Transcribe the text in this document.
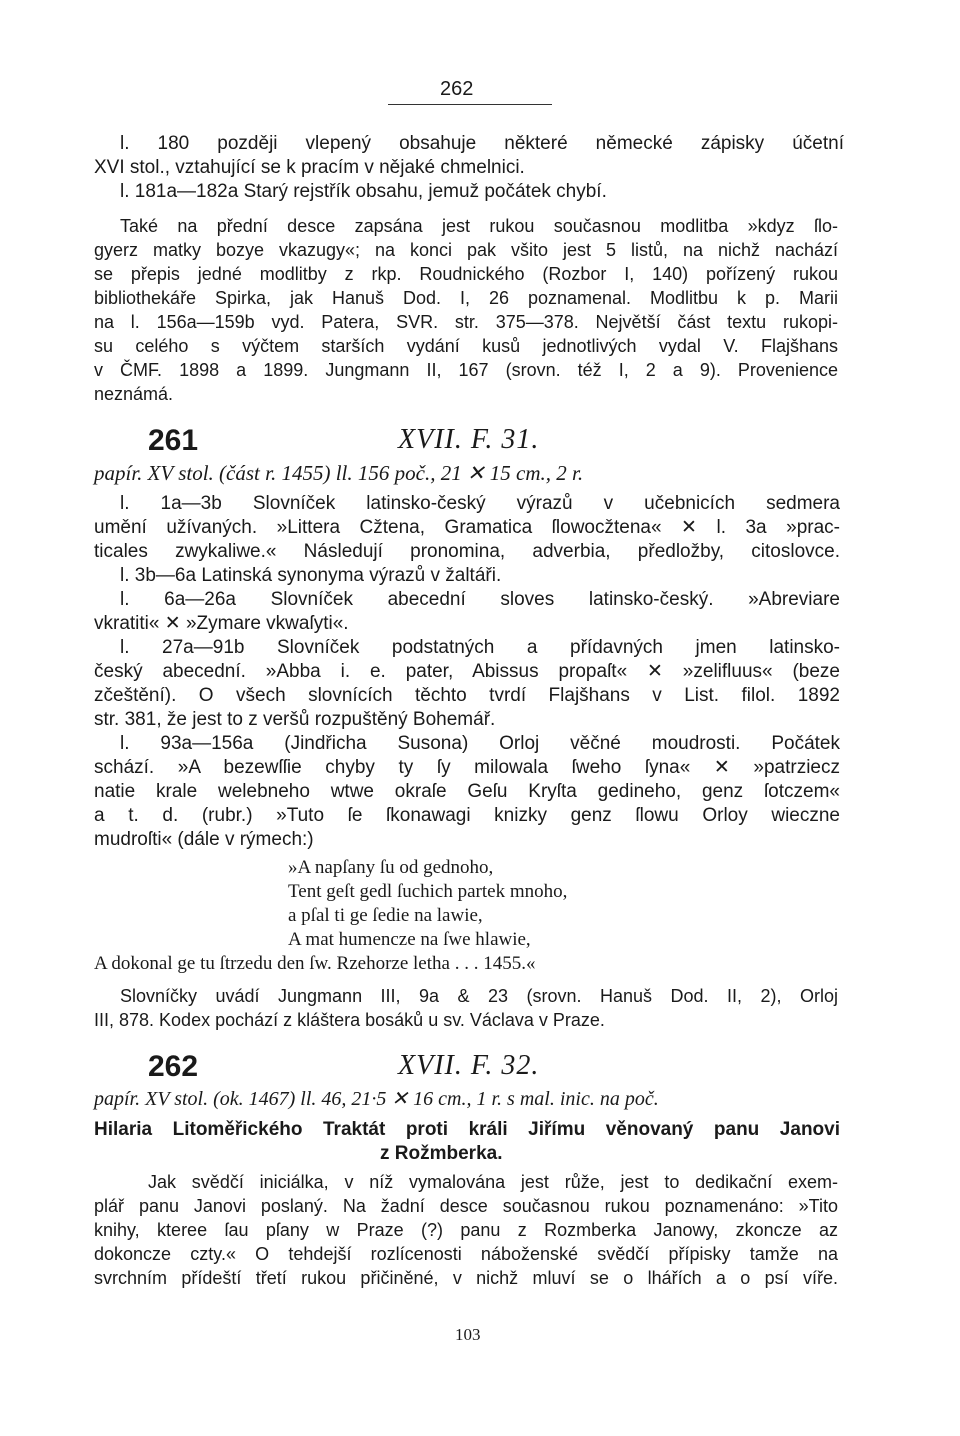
262
l. 180 později vlepený obsahuje některé německé zápisky účetní
XVI stol., vztahující se k pracím v nějaké chmelnici.
l. 181a—182a Starý rejstřík obsahu, jemuž počátek chybí.
Také na přední desce zapsána jest rukou současnou modlitba »kdyz ſlo-
gyerz matky bozye vkazugy«; na konci pak všito jest 5 listů, na nichž nachází
se přepis jedné modlitby z rkp. Roudnického (Rozbor I, 140) pořízený rukou
bibliothekáře Spirka, jak Hanuš Dod. I, 26 poznamenal. Modlitbu k p. Marii
na l. 156a—159b vyd. Patera, SVR. str. 375—378. Největší část textu rukopi-
su celého s výčtem starších vydání kusů jednotlivých vydal V. Flajšhans
v ČMF. 1898 a 1899. Jungmann II, 167 (srovn. též I, 2 a 9). Provenience
neznámá.
261	XVII. F. 31.
papír. XV stol. (část r. 1455) ll. 156 poč., 21 ✕ 15 cm., 2 r.
l. 1a—3b Slovníček latinsko-český výrazů v učebnicích sedmera
umění užívaných. »Littera Cžtena, Gramatica ſlowocžtena« ✕ l. 3a »prac-
ticales zwykaliwe.« Následují pronomina, adverbia, předložby, citoslovce.
l. 3b—6a Latinská synonyma výrazů v žaltáři.
l. 6a—26a Slovníček abecední sloves latinsko-český. »Abreviare
vkratiti« ✕ »Zymare vkwaſyti«.
l. 27a—91b Slovníček podstatných a přídavných jmen latinsko-
český abecední. »Abba i. e. pater, Abissus propaſt« ✕ »zelifluus« (beze
zčeštění). O všech slovnících těchto tvrdí Flajšhans v List. filol. 1892
str. 381, že jest to z veršů rozpuštěný Bohemář.
l. 93a—156a (Jindřicha Susona) Orloj věčné moudrosti. Počátek
schází. »A bezewſſie chyby ty ſy milowala ſweho ſyna« ✕ »patrziecz
natie krale welebneho wtwe okraſe Geſu Kryſta gedineho, genz ſotczem«
a t. d. (rubr.) »Tuto ſe ſkonawagi knizky genz ſlowu Orloy wieczne
mudroſti« (dále v rýmech:)
»A napſany ſu od gednoho,
Tent geſt gedl ſuchich partek mnoho,
a pſal ti ge ſedie na lawie,
A mat humencze na ſwe hlawie,
A dokonal ge tu ſtrzedu den ſw. Rzehorze letha . . . 1455.«
Slovníčky uvádí Jungmann III, 9a & 23 (srovn. Hanuš Dod. II, 2), Orloj
III, 878. Kodex pochází z kláštera bosáků u sv. Václava v Praze.
262	XVII. F. 32.
papír. XV stol. (ok. 1467) ll. 46, 21·5 ✕ 16 cm., 1 r. s mal. inic. na poč.
Hilaria Litoměřického Traktát proti králi Jiřímu věnovaný panu Janovi
z Rožmberka.
Jak svědčí iniciálka, v níž vymalována jest růže, jest to dedikační exem-
plář panu Janovi poslaný. Na žadní desce současnou rukou poznamenáno: »Tito
knihy, kteree ſau pſany w Praze (?) panu z Rozmberka Janowy, zkoncze az
dokoncze czty.« O tehdejší rozlícenosti náboženské svědčí přípisky tamže na
svrchním přídeští třetí rukou přičiněné, v nichž mluví se o lhářích a o psí víře.
103
